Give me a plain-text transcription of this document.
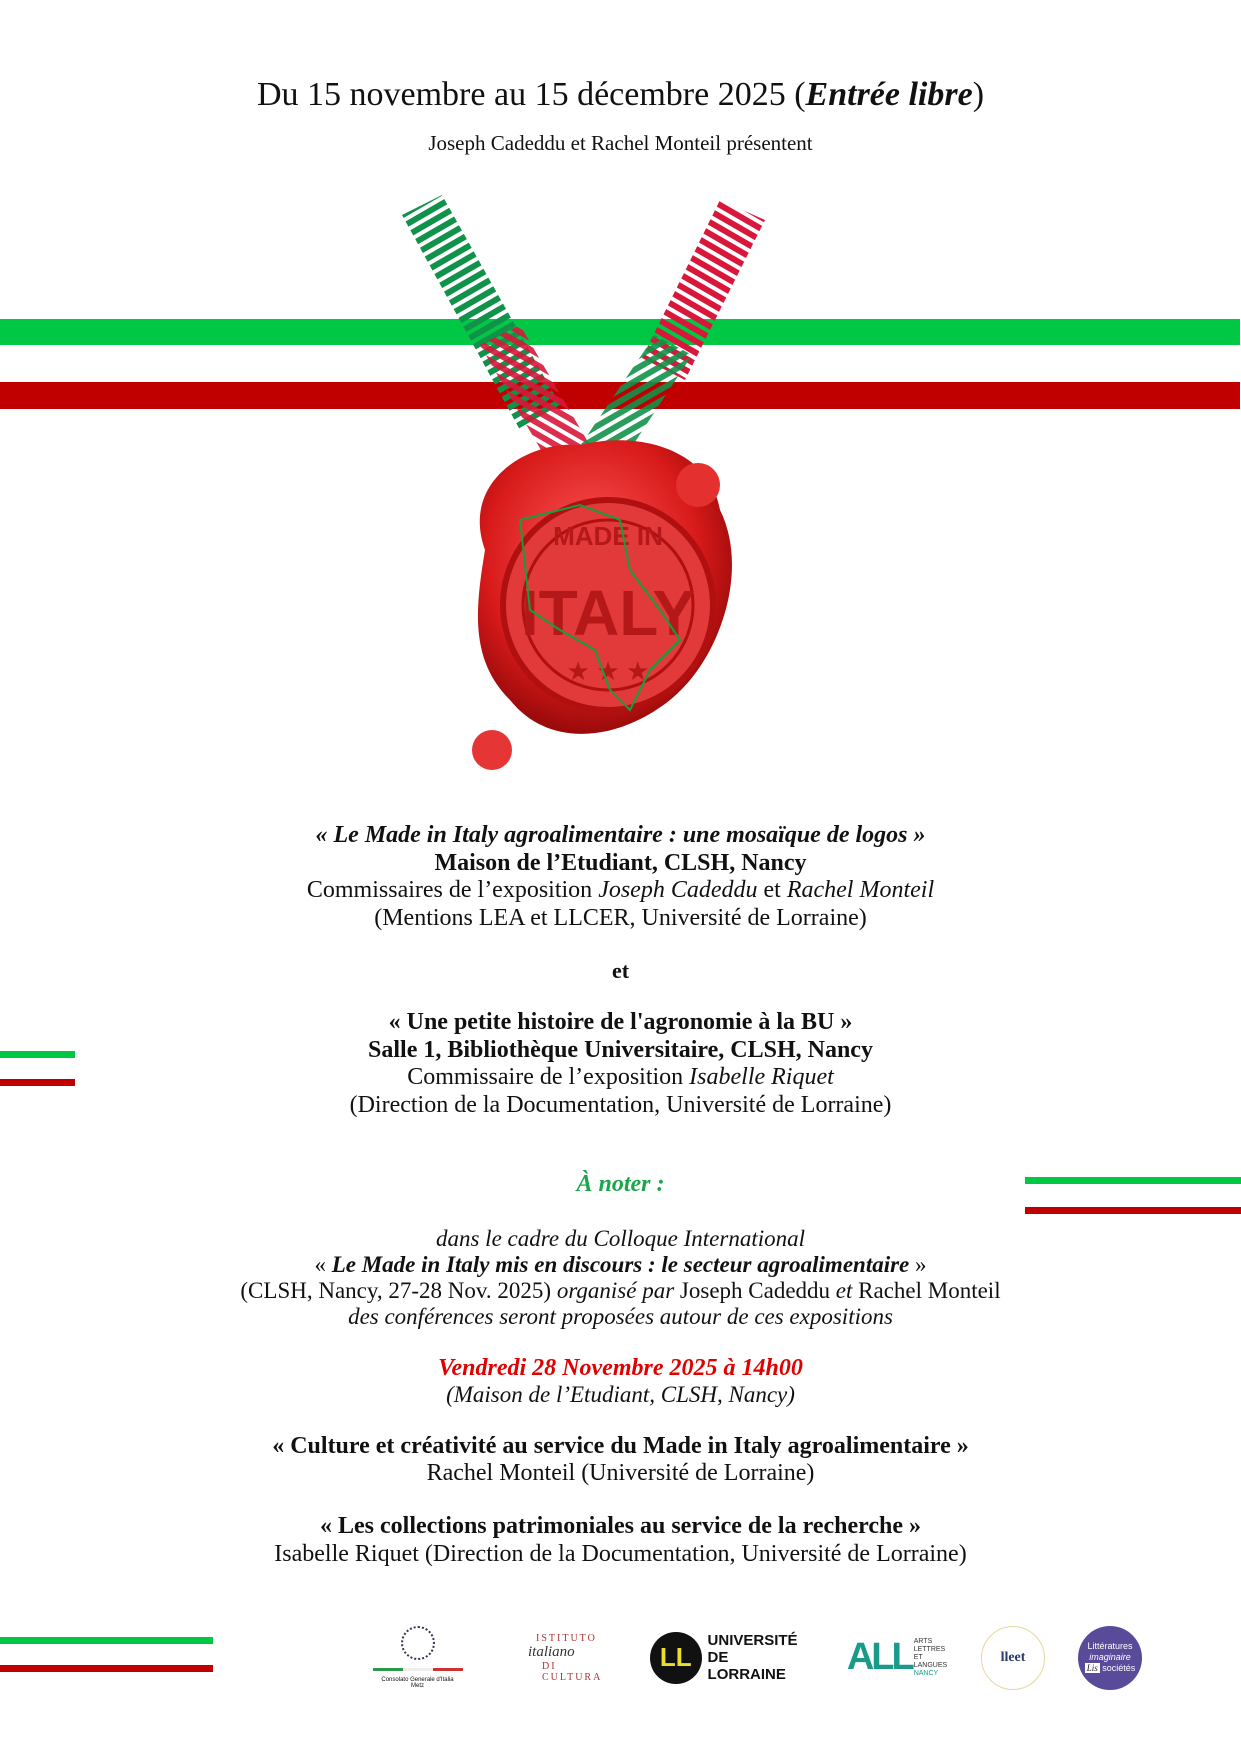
Du 15 novembre au 15 décembre 2025 (Entrée libre)
Joseph Cadeddu et Rachel Monteil présentent
MADE IN
ITALY
★ ★ ★
« Le Made in Italy agroalimentaire : une mosaïque de logos »
Maison de l’Etudiant, CLSH, Nancy
Commissaires de l’exposition Joseph Cadeddu et Rachel Monteil
(Mentions LEA et LLCER, Université de Lorraine)
et
« Une petite histoire de l'agronomie à la BU »
Salle 1, Bibliothèque Universitaire, CLSH, Nancy
Commissaire de l’exposition Isabelle Riquet
(Direction de la Documentation, Université de Lorraine)
À noter :
dans le cadre du Colloque International
« Le Made in Italy mis en discours : le secteur agroalimentaire »
(CLSH, Nancy, 27-28 Nov. 2025) organisé par Joseph Cadeddu et Rachel Monteil
des conférences seront proposées autour de ces expositions
Vendredi 28 Novembre 2025 à 14h00
(Maison de l’Etudiant, CLSH, Nancy)
« Culture et créativité au service du Made in Italy agroalimentaire »
Rachel Monteil (Université de Lorraine)
« Les collections patrimoniales au service de la recherche »
Isabelle Riquet (Direction de la Documentation, Université de Lorraine)
Consolato Generale d'Italia
Metz
ISTITUTO
italiano
DI CULTURA
LL
UNIVERSITÉ
DE LORRAINE	ALL ARTS
LETTRES ET
LANGUES
NANCY
lleet
Littératures
imaginaire
Lis sociétés
